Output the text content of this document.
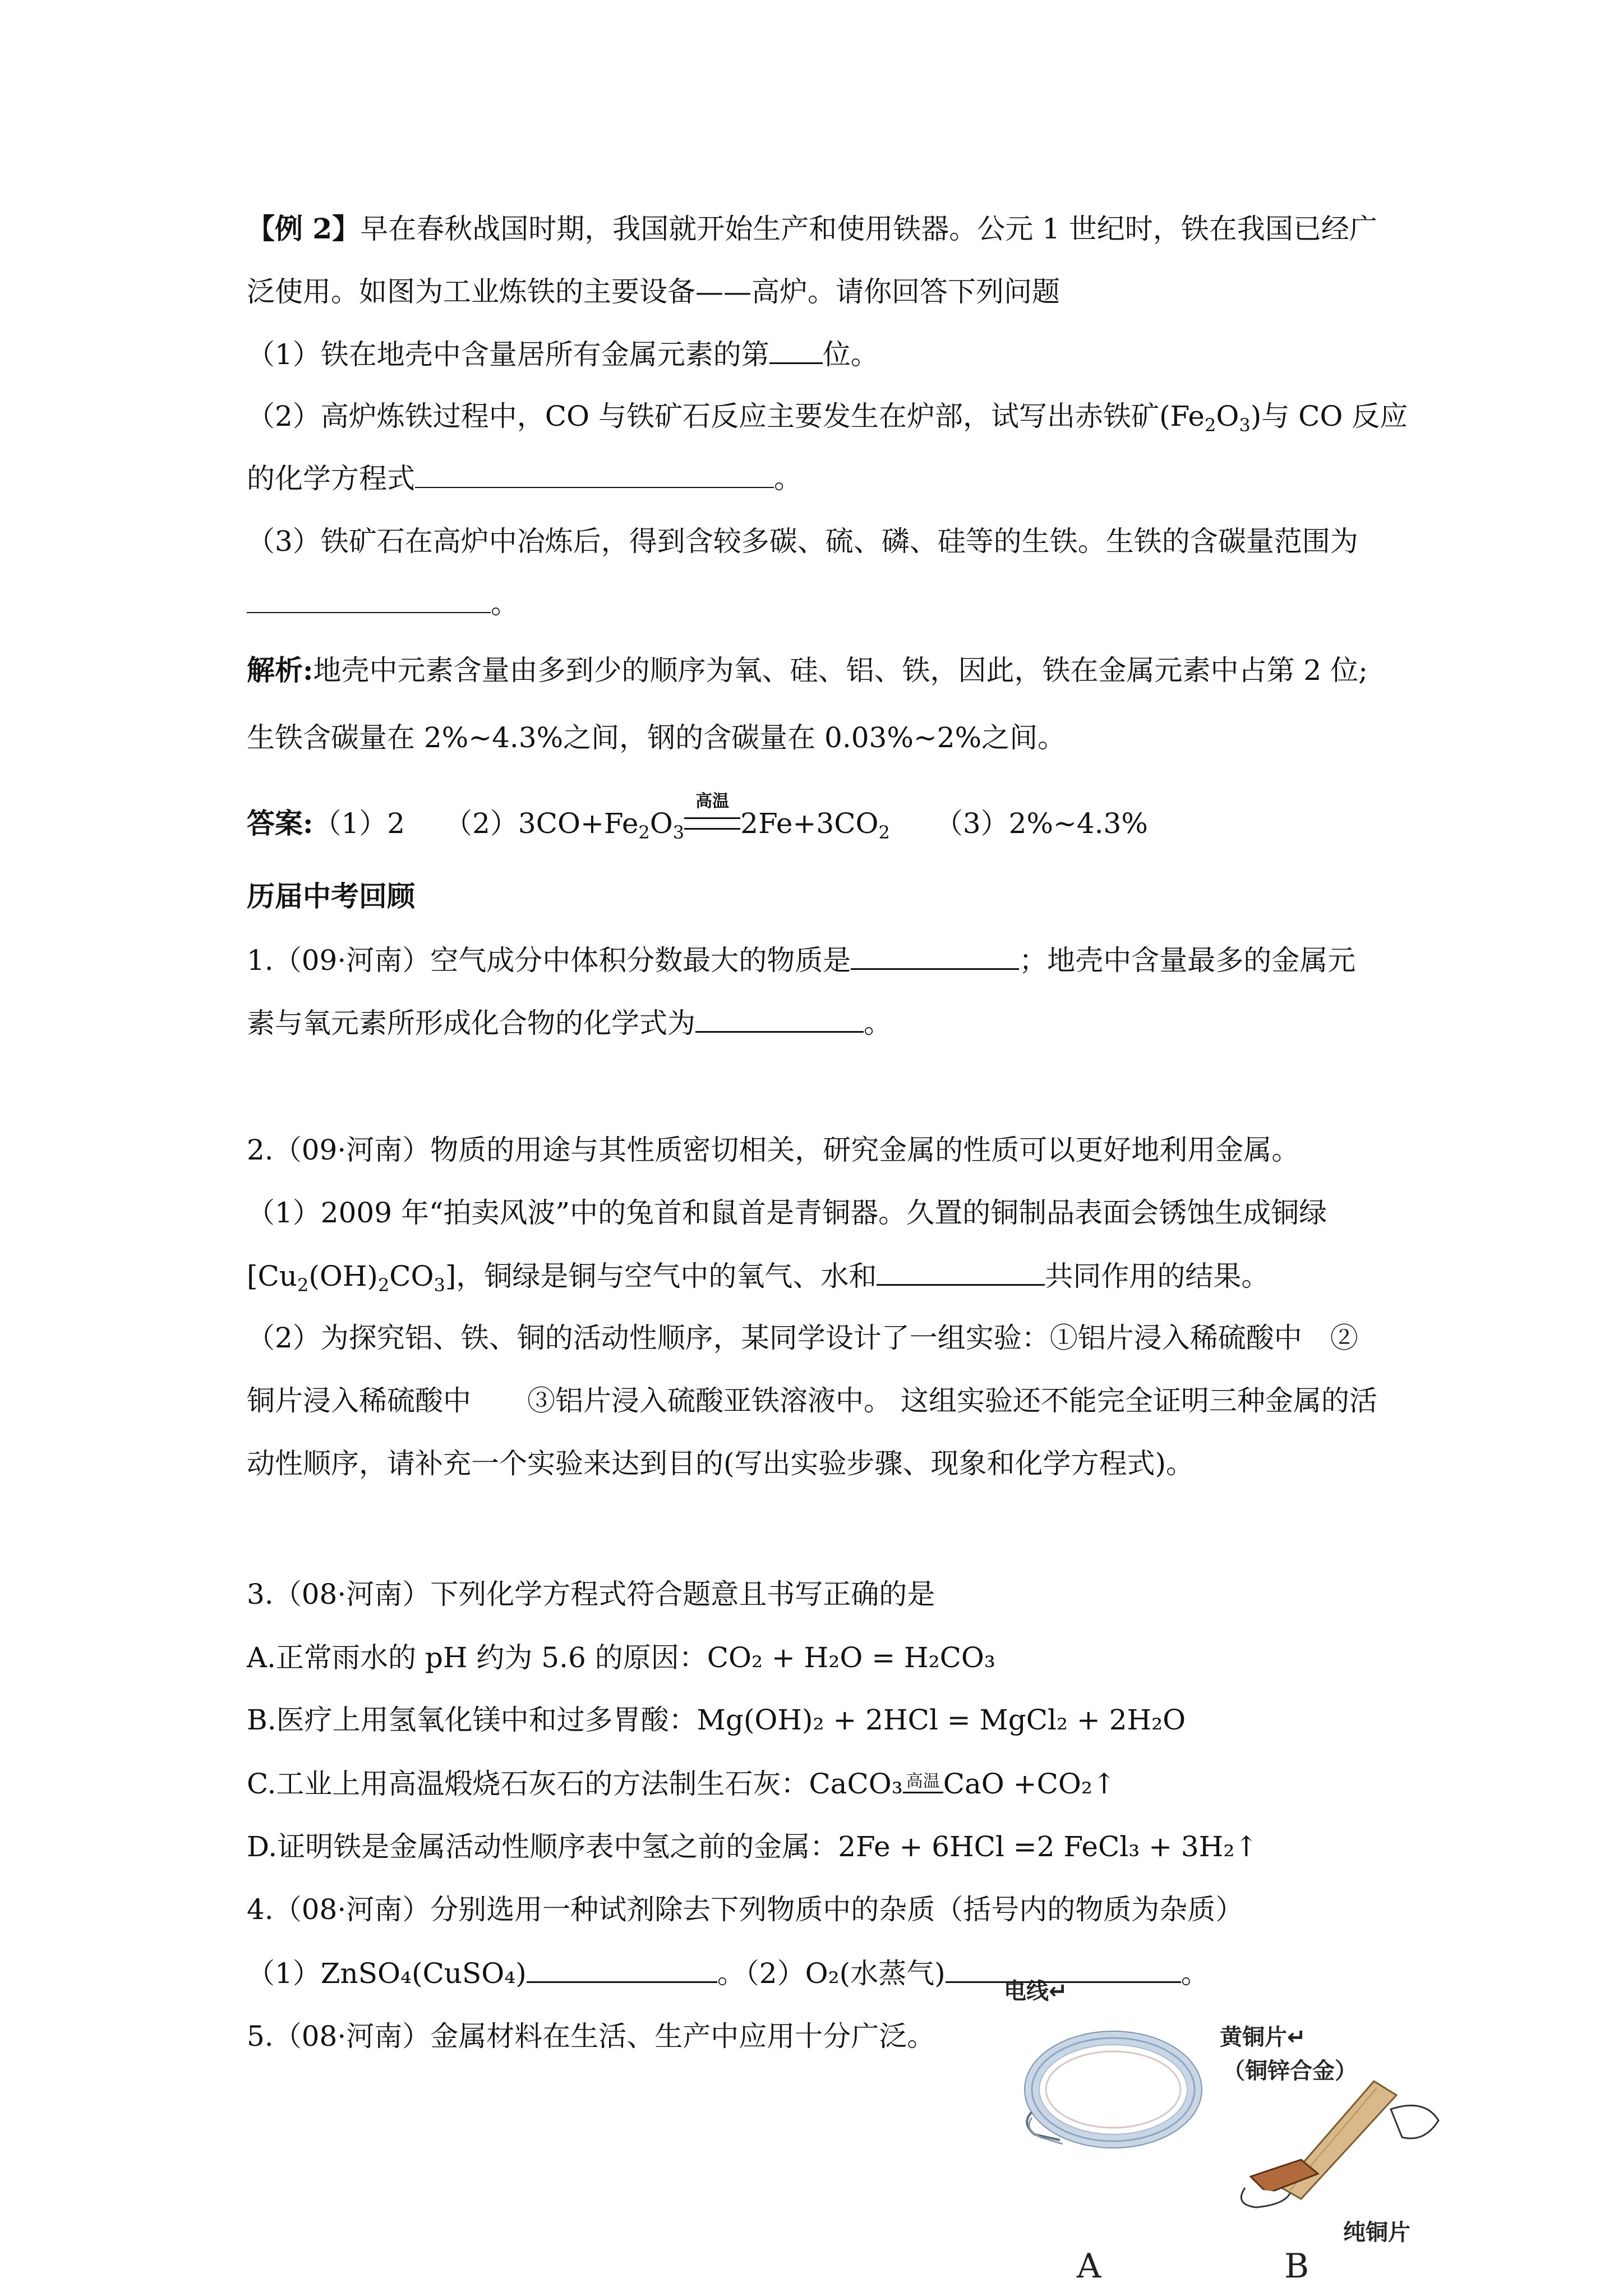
【例 2】早在春秋战国时期，我国就开始生产和使用铁器。公元 1 世纪时，铁在我国已经广
泛使用。如图为工业炼铁的主要设备——高炉。请你回答下列问题
（1）铁在地壳中含量居所有金属元素的第 位。
（2）高炉炼铁过程中，CO 与铁矿石反应主要发生在炉部，试写出赤铁矿$(Fe_2O_3)$与 CO 反应
的化学方程式	。
（3）铁矿石在高炉中冶炼后，得到含较多碳、硫、磷、硅等的生铁。生铁的含碳量范围为
。
解析:地壳中元素含量由多到少的顺序为氧、硅、铝、铁，因此，铁在金属元素中占第 2 位;
生铁含碳量在 2%~4.3%之间，钢的含碳量在 0.03%~2%之间。
答案:（1）2 $(2)3CO+Fe_2O_3$
高温
$2Fe+3CO_2$ （3）2%~4.3%
历届中考回顾
1.（09·河南）空气成分中体积分数最大的物质是	；地壳中含量最多的金属元
素与氧元素所形成化合物的化学式为	。
2.（09·河南）物质的用途与其性质密切相关，研究金属的性质可以更好地利用金属。
（1）2009 年“拍卖风波”中的兔首和鼠首是青铜器。久置的铜制品表面会锈蚀生成铜绿
$[Cu_2(OH)_2CO_3]$，铜绿是铜与空气中的氧气、水和	共同作用的结果。
（2）为探究铝、铁、铜的活动性顺序，某同学设计了一组实验：①铝片浸入稀硫酸中　②
铜片浸入稀硫酸中　　③铝片浸入硫酸亚铁溶液中。 这组实验还不能完全证明三种金属的活
动性顺序，请补充一个实验来达到目的(写出实验步骤、现象和化学方程式)。
3.（08·河南）下列化学方程式符合题意且书写正确的是
A.正常雨水的 pH 约为 5.6 的原因：CO₂ + H₂O = H₂CO₃
B.医疗上用氢氧化镁中和过多胃酸：Mg(OH)₂ + 2HCl = MgCl₂ + 2H₂O
C.工业上用高温煅烧石灰石的方法制生石灰：CaCO₃ 高温 CaO +CO₂↑
D.证明铁是金属活动性顺序表中氢之前的金属：2Fe + 6HCl =2 FeCl₃ + 3H₂↑
4.（08·河南）分别选用一种试剂除去下列物质中的杂质（括号内的物质为杂质）
（1）ZnSO₄(CuSO₄)	。（2）O₂(水蒸气)	。
5.（08·河南）金属材料在生活、生产中应用十分广泛。
电线↵
A
黄铜片↵
（铜锌合金）
纯铜片
B
